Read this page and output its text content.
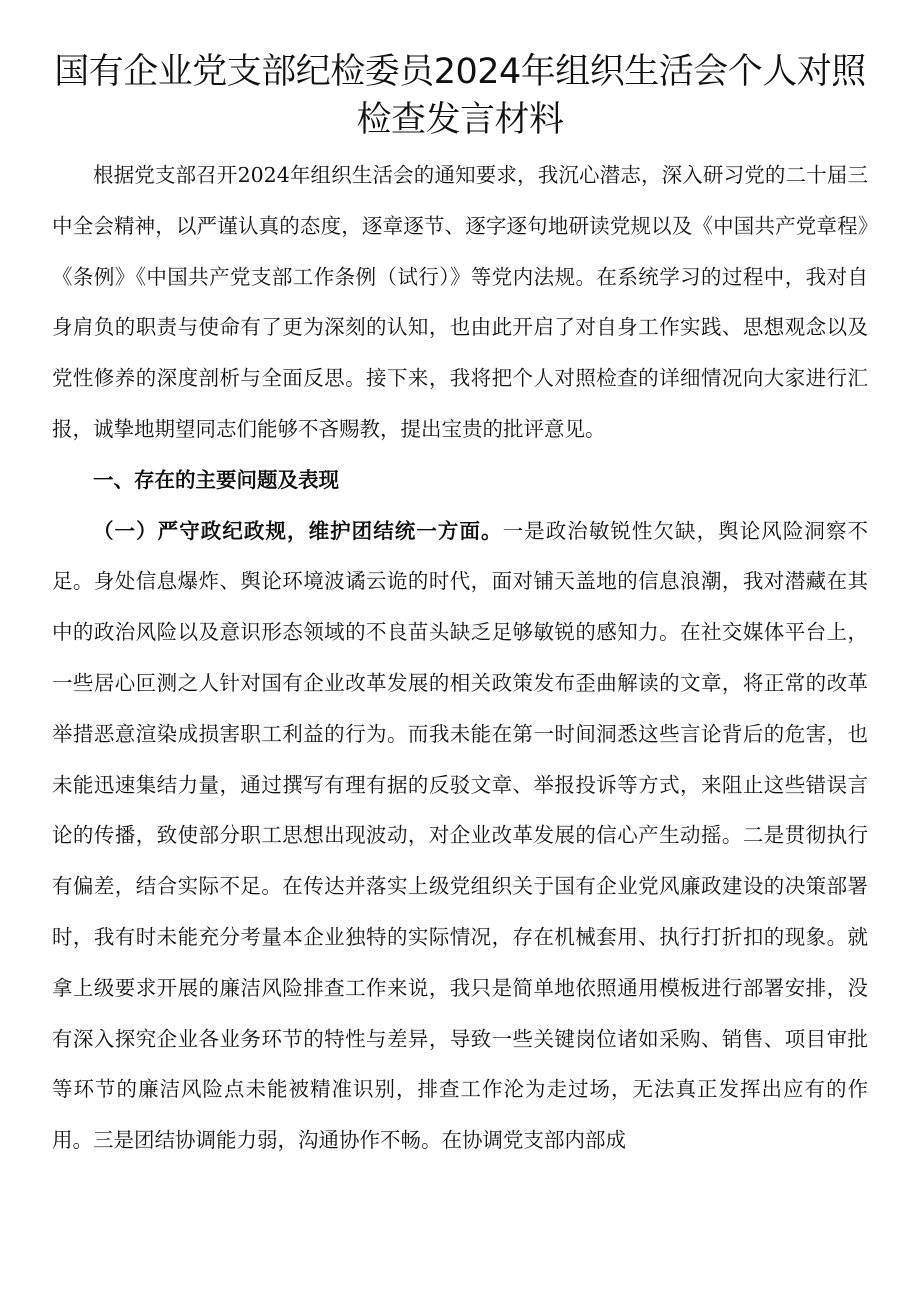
国有企业党支部纪检委员2024年组织生活会个人对照
检查发言材料

根据党支部召开2024年组织生活会的通知要求，我沉心潜志，深入研习党的二十届三中全会精神，以严谨认真的态度，逐章逐节、逐字逐句地研读党规以及《中国共产党章程》《条例》《中国共产党支部工作条例（试行）》等党内法规。在系统学习的过程中，我对自身肩负的职责与使命有了更为深刻的认知，也由此开启了对自身工作实践、思想观念以及党性修养的深度剖析与全面反思。接下来，我将把个人对照检查的详细情况向大家进行汇报，诚挚地期望同志们能够不吝赐教，提出宝贵的批评意见。

一、存在的主要问题及表现

（一）严守政纪政规，维护团结统一方面。一是政治敏锐性欠缺，舆论风险洞察不足。身处信息爆炸、舆论环境波谲云诡的时代，面对铺天盖地的信息浪潮，我对潜藏在其中的政治风险以及意识形态领域的不良苗头缺乏足够敏锐的感知力。在社交媒体平台上，一些居心叵测之人针对国有企业改革发展的相关政策发布歪曲解读的文章，将正常的改革举措恶意渲染成损害职工利益的行为。而我未能在第一时间洞悉这些言论背后的危害，也未能迅速集结力量，通过撰写有理有据的反驳文章、举报投诉等方式，来阻止这些错误言论的传播，致使部分职工思想出现波动，对企业改革发展的信心产生动摇。二是贯彻执行有偏差，结合实际不足。在传达并落实上级党组织关于国有企业党风廉政建设的决策部署时，我有时未能充分考量本企业独特的实际情况，存在机械套用、执行打折扣的现象。就拿上级要求开展的廉洁风险排查工作来说，我只是简单地依照通用模板进行部署安排，没有深入探究企业各业务环节的特性与差异，导致一些关键岗位诸如采购、销售、项目审批等环节的廉洁风险点未能被精准识别，排查工作沦为走过场，无法真正发挥出应有的作用。三是团结协调能力弱，沟通协作不畅。在协调党支部内部成
